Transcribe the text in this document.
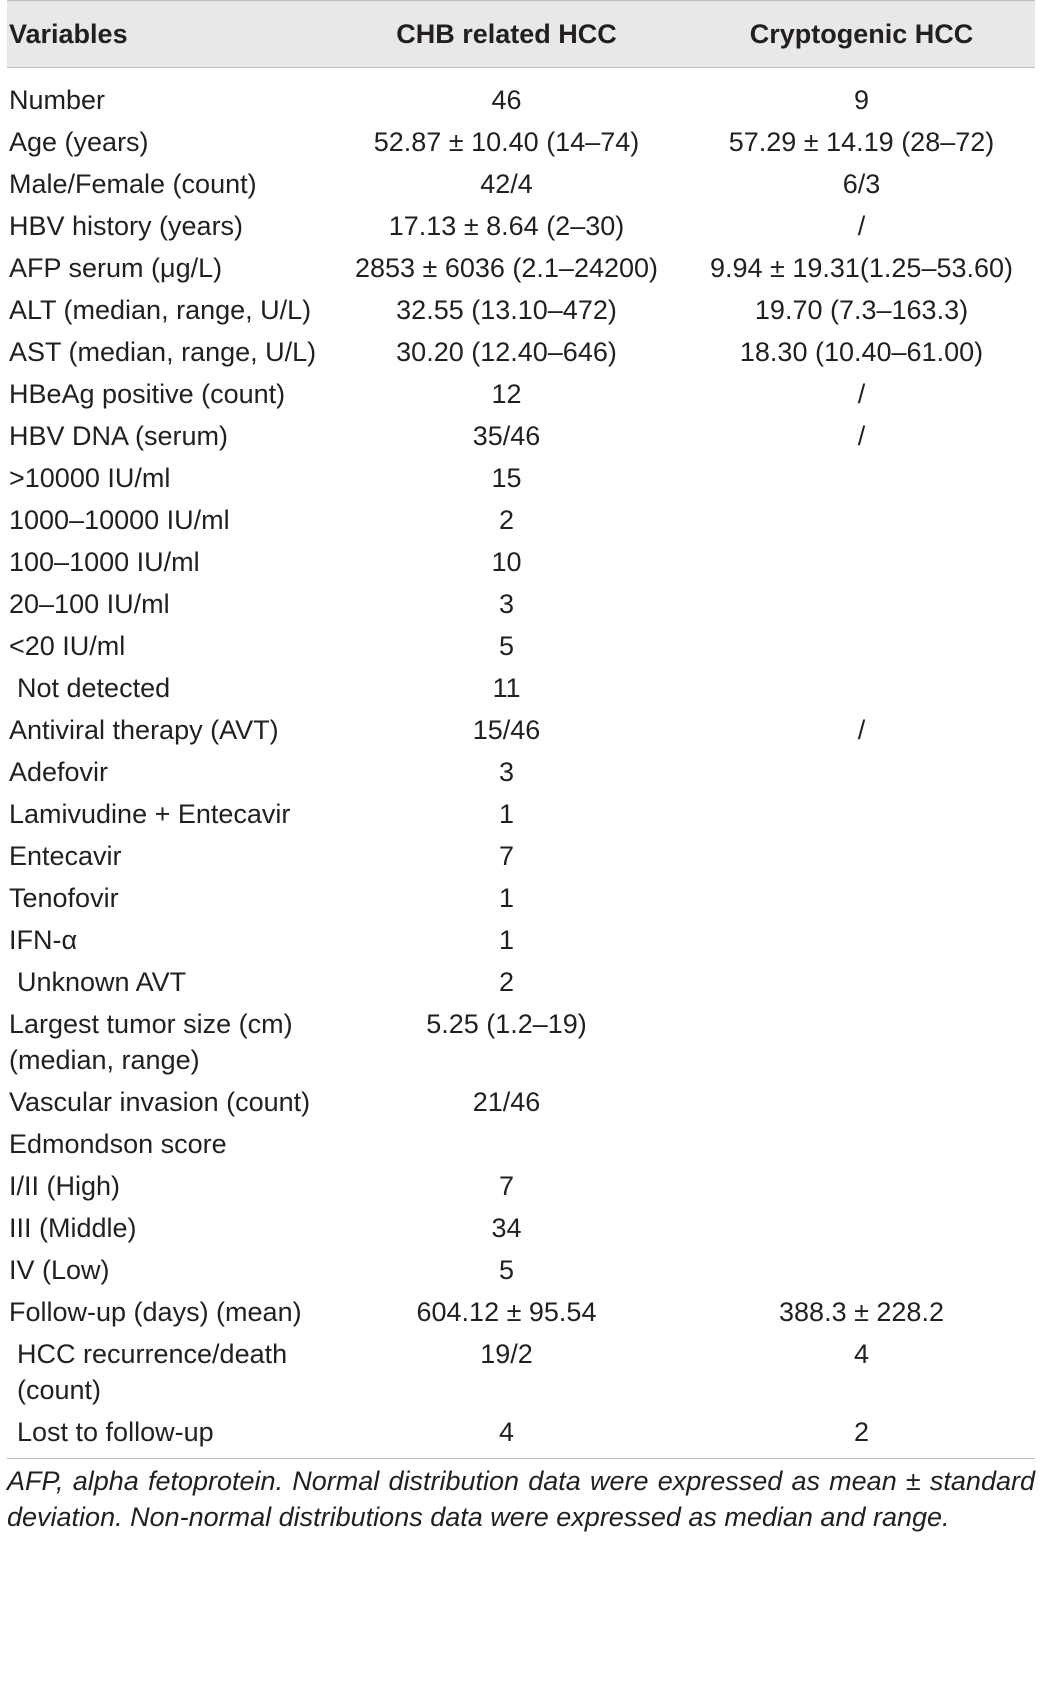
Variables	CHB related HCC	Cryptogenic HCC
Number	46	9
Age (years)	52.87 ± 10.40 (14–74)	57.29 ± 14.19 (28–72)
Male/Female (count)	42/4	6/3
HBV history (years)	17.13 ± 8.64 (2–30)	/
AFP serum (μg/L)	2853 ± 6036 (2.1–24200)	9.94 ± 19.31(1.25–53.60)
ALT (median, range, U/L)	32.55 (13.10–472)	19.70 (7.3–163.3)
AST (median, range, U/L)	30.20 (12.40–646)	18.30 (10.40–61.00)
HBeAg positive (count)	12	/
HBV DNA (serum)	35/46	/
>10000 IU/ml	15	
1000–10000 IU/ml	2	
100–1000 IU/ml	10	
20–100 IU/ml	3	
<20 IU/ml	5	
Not detected	11	
Antiviral therapy (AVT)	15/46	/
Adefovir	3	
Lamivudine + Entecavir	1	
Entecavir	7	
Tenofovir	1	
IFN-α	1	
Unknown AVT	2	
Largest tumor size (cm) (median, range)	5.25 (1.2–19)	
Vascular invasion (count)	21/46	
Edmondson score		
I/II (High)	7	
III (Middle)	34	
IV (Low)	5	
Follow-up (days) (mean)	604.12 ± 95.54	388.3 ± 228.2
HCC recurrence/death (count)	19/2	4
Lost to follow-up	4	2
AFP, alpha fetoprotein. Normal distribution data were expressed as mean ± standard deviation. Non-normal distributions data were expressed as median and range.
